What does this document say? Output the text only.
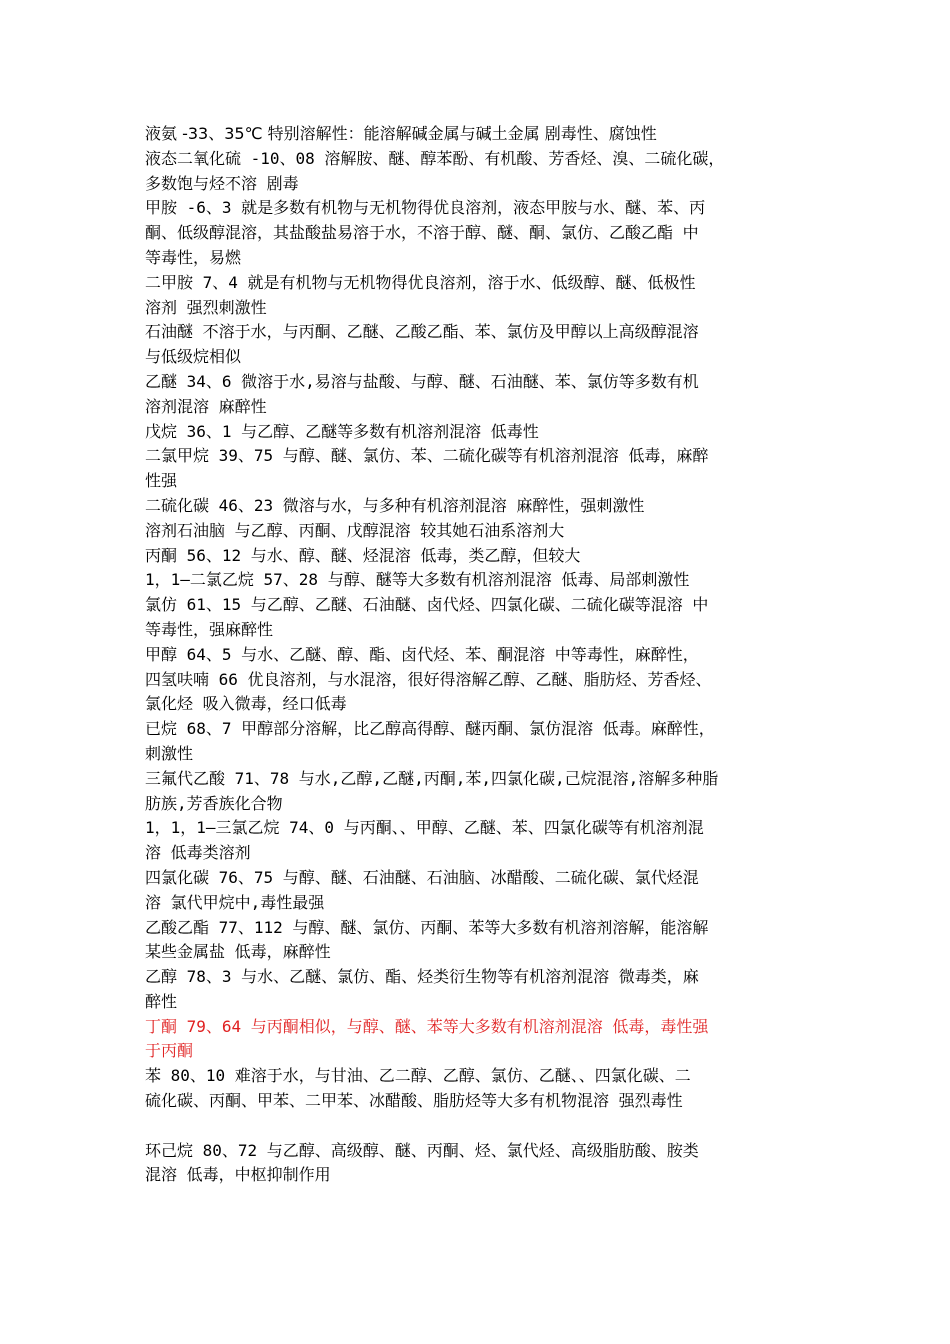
液氨 -33、35℃ 特别溶解性：能溶解碱金属与碱土金属 剧毒性、腐蚀性

液态二氧化硫 -10、08 溶解胺、醚、醇苯酚、有机酸、芳香烃、溴、二硫化碳，
多数饱与烃不溶 剧毒

甲胺 -6、3 就是多数有机物与无机物得优良溶剂，液态甲胺与水、醚、苯、丙
酮、低级醇混溶，其盐酸盐易溶于水，不溶于醇、醚、酮、氯仿、乙酸乙酯 中
等毒性，易燃

二甲胺 7、4 就是有机物与无机物得优良溶剂，溶于水、低级醇、醚、低极性
溶剂 强烈刺激性

石油醚 不溶于水，与丙酮、乙醚、乙酸乙酯、苯、氯仿及甲醇以上高级醇混溶
与低级烷相似

乙醚 34、6 微溶于水,易溶与盐酸、与醇、醚、石油醚、苯、氯仿等多数有机
溶剂混溶 麻醉性

戊烷 36、1 与乙醇、乙醚等多数有机溶剂混溶 低毒性

二氯甲烷 39、75 与醇、醚、氯仿、苯、二硫化碳等有机溶剂混溶 低毒，麻醉
性强

二硫化碳 46、23 微溶与水，与多种有机溶剂混溶 麻醉性，强刺激性

溶剂石油脑 与乙醇、丙酮、戊醇混溶 较其她石油系溶剂大

丙酮 56、12 与水、醇、醚、烃混溶 低毒，类乙醇，但较大

1，1—二氯乙烷 57、28 与醇、醚等大多数有机溶剂混溶 低毒、局部刺激性

氯仿 61、15 与乙醇、乙醚、石油醚、卤代烃、四氯化碳、二硫化碳等混溶 中
等毒性，强麻醉性

甲醇 64、5 与水、乙醚、醇、酯、卤代烃、苯、酮混溶 中等毒性，麻醉性，

四氢呋喃 66 优良溶剂，与水混溶，很好得溶解乙醇、乙醚、脂肪烃、芳香烃、
氯化烃 吸入微毒，经口低毒

已烷 68、7 甲醇部分溶解，比乙醇高得醇、醚丙酮、氯仿混溶 低毒。麻醉性，
刺激性

三氟代乙酸 71、78 与水,乙醇,乙醚,丙酮,苯,四氯化碳,己烷混溶,溶解多种脂
肪族,芳香族化合物

1，1，1—三氯乙烷 74、0 与丙酮、、甲醇、乙醚、苯、四氯化碳等有机溶剂混
溶 低毒类溶剂

四氯化碳 76、75 与醇、醚、石油醚、石油脑、冰醋酸、二硫化碳、氯代烃混
溶 氯代甲烷中,毒性最强

乙酸乙酯 77、112 与醇、醚、氯仿、丙酮、苯等大多数有机溶剂溶解，能溶解
某些金属盐 低毒，麻醉性

乙醇 78、3 与水、乙醚、氯仿、酯、烃类衍生物等有机溶剂混溶 微毒类，麻
醉性

丁酮 79、64 与丙酮相似，与醇、醚、苯等大多数有机溶剂混溶 低毒，毒性强
于丙酮

苯 80、10 难溶于水，与甘油、乙二醇、乙醇、氯仿、乙醚、、四氯化碳、二
硫化碳、丙酮、甲苯、二甲苯、冰醋酸、脂肪烃等大多有机物混溶 强烈毒性

环己烷 80、72 与乙醇、高级醇、醚、丙酮、烃、氯代烃、高级脂肪酸、胺类
混溶 低毒，中枢抑制作用
